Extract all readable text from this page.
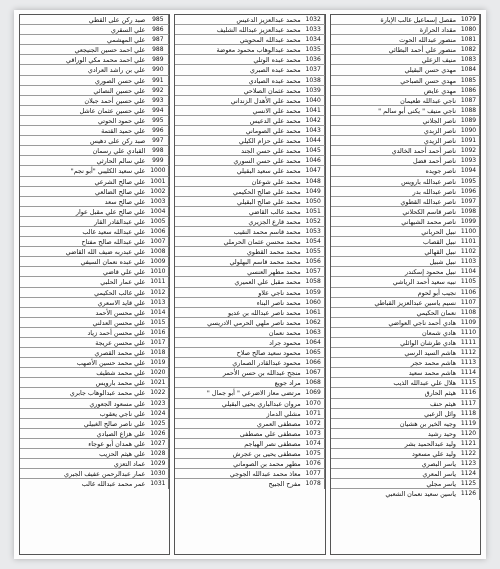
1079
مقصل إسماعيل غالب الإبارة
1080
مقداد الحرازة
1081
منصور عبدالله الحوت
1082
منصور علي أحمد البطائي
1083
منيف الزعلي
1084
مهدي حسن البقيلي
1085
مهدي حسن الصباحي
1086
مهدي عايض
1087
ناجي عبدالله طعيمان
1088
ناجي منيف " يكنى أبو سالم "
1089
ناصر الجلاني
1090
ناصر الزبدي
1091
ناصر الزيدي
1092
ناصر أحمد أحمد الخالدي
1093
ناصر أحمد فضل
1094
ناصر جويده
1095
ناصر عبدالله بارويس
1096
ناصر عبدالله بدر
1097
ناصر عبدالله القطوي
1098
ناصر قاسم الكحلاني
1099
ناصر محمد الشيهاني
1100
نبيل الحرباني
1101
نبيل القصاب
1102
نبيل القهالي
1103
نبيل شبيل
1104
نبيل محمود إسكندر
1105
نبيه سعيد أحمد الرياشي
1106
نجيب أبو لحوم
1107
نسيم ياسين عبدالعزيز القباطي
1108
نعمان الحكيمي
1109
هادي أحمد ناجي العواضي
1110
هادي شمعان
1111
هادي طرشان الوائلي
1112
هاشم السيد الرسي
1113
هاشم محمد حجر
1114
هاشم محمد سعيد
1115
هلال علي عبدالله الذيب
1116
هيثم الحارق
1117
هيثم حنف
1118
وائل الزعبي
1119
وجيه الخير بن هشيان
1120
وحيد رشيد
1121
وليد عبدالحميد بشر
1122
وليد علي مسعود
1123
ياسر البصري
1124
ياسر المعري
1125
ياسر مجلي
1126
ياسين سعيد نعمان الشعبي
1032
محمد عبدالعزيز الدعيس
1033
محمد عبدالعزيز عبدالله الشليف
1034
محمد عبدالله المحويتي
1035
محمد عبدالوهاب محمود معوضة
1036
محمد عبده الوتلي
1037
محمد عبده الصبري
1038
محمد عبده الصيادي
1039
محمد عثمان الصلاحي
1040
محمد علي الأهدل الزنداني
1041
محمد علي الانسي
1042
محمد علي الدعيس
1043
محمد علي الصوماني
1044
محمد علي حزام الكيلي
1045
محمد علي حسن الجند
1046
محمد علي حسن السوري
1047
محمد علي سعيد البقيلي
1048
محمد علي شوعان
1049
محمد علي صالح الحكيمي
1050
محمد علي صالح البقيلي
1051
محمد غالب القاضي
1052
محمد قارع الجزيري
1053
محمد قاسم محمد النقيب
1054
محمد محسن عثمان الحرملي
1055
محمد محمد القطوي
1056
محمد محمد قاسم البهلولي
1057
محمد مطهر العنسي
1058
محمد مقبل علي العميري
1059
محمد ناجي علاو
1060
محمد ناصر البناء
1061
محمد ناصر عبدالله بن عديو
1062
محمد ناصر ملهي الحرمي الادريسي
1063
محمد نعمان
1064
محمود جراد
1065
محمود سعيد صالح صلاح
1066
محمود عبدالقادر الصماري
1067
منجح عبدالله بن حسن الأحمر
1068
مراد جويع
1069
مرتضى معاز الاضرعي " أبو جمال "
1070
مروان عبدالباري يحيى البقيلي
1071
مشلي الدماز
1072
مصطفى العمري
1073
مصطفى علي مصطفى
1074
مصطفى نصر الهياجم
1075
مصطفى يحيى بن عجرش
1076
مطهر محمد بن الصوماني
1077
معاذ محمد عبدالله الجوجي
1078
مفرح الجبيح
985
صبد ركن على القطي
986
علي السقري
987
علي المهشمي
988
علي احمد حسين الجنيجعي
989
علي احمد محمد مكي الوراقي
990
علي بن راشد العرادي
991
علي حسن الصوري
992
علي حسين النصائي
993
علي حسين أحمد جبلان
994
علي حسين عثمان عاشل
995
علي حمود الحوتي
996
علي حميد القتمة
997
صبد ركن على دهيس
998
القبادي علي رسمان
999
علي سالم الحارثي
1000
علي سعيد الكليبي "أبو نجم"
1001
علي صالح الشرعي
1002
علي صالح الضالعي
1003
علي صالح سعد
1004
علي صالح علي مقبل عوار
1005
علي عبدالقادر القار
1006
علي عبدالله سعيد غالب
1007
علي عبدالله صالح مفتاح
1008
علي عبدربه ضيف الله القاضي
1009
علي عبده نعمان السيفي
1010
علي علي قاضي
1011
علي عمار الحلبي
1012
علي غالب الحكيمي
1013
علي قايد الاسعري
1014
علي محسن الأحمد
1015
علي محسن العدلني
1016
علي محسن أحمد زياد
1017
علي محسن عريجة
1018
علي محمد القصري
1019
علي محمد حسين الأصهب
1020
علي محمد شطيف
1021
علي محمد بارويس
1022
علي محمد عبدالوهاب جابري
1023
علي مسعود الجعوري
1024
علي ناجي يعقوب
1025
علي ناصر صالح الغبيلي
1026
علي هزاع الصيادي
1027
علي همدان أبو عوجاء
1028
علي هيثم الحزيب
1029
عماد التعزي
1030
عمار عبدالرحمن عفيف الجبري
1031
عمر محمد عبدالله غالب
